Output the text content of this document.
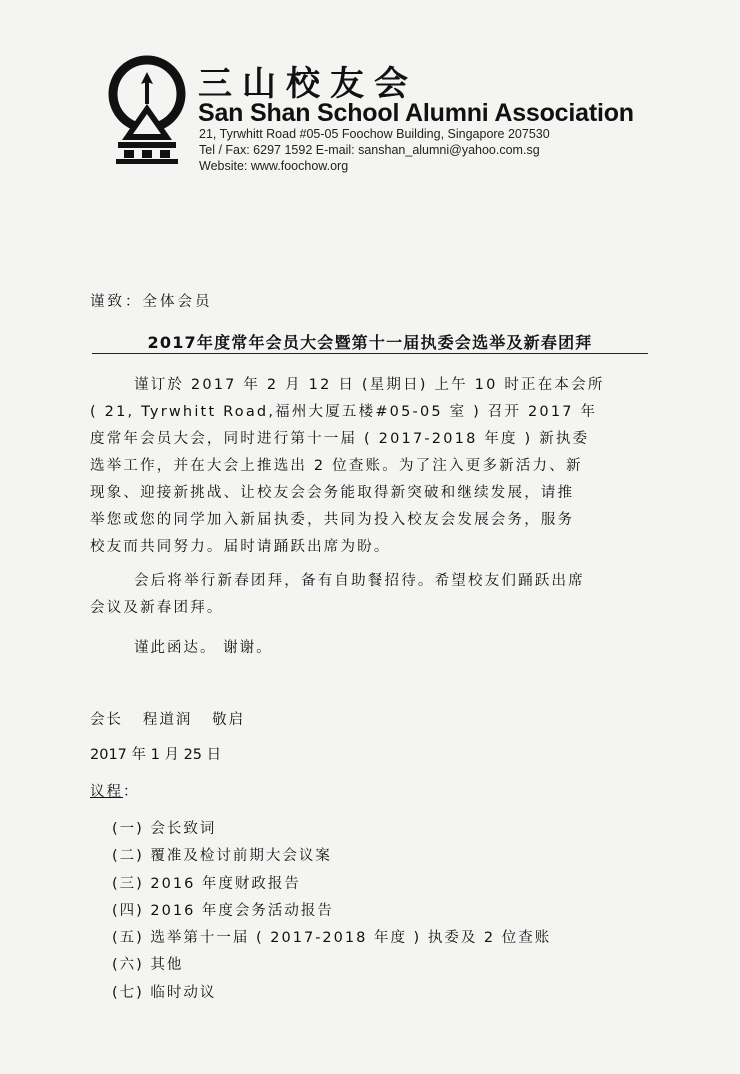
三山校友会
San Shan School Alumni Association
21, Tyrwhitt Road #05-05 Foochow Building, Singapore 207530
Tel / Fax: 6297 1592 E-mail: sanshan_alumni@yahoo.com.sg
Website: www.foochow.org
谨致：全体会员
2017年度常年会员大会暨第十一届执委会选举及新春团拜

谨订於 2017 年 2 月 12 日 (星期日) 上午 10 时正在本会所

( 21, Tyrwhitt Road,福州大厦五楼#05-05 室 ) 召开 2017 年

度常年会员大会，同时进行第十一届 ( 2017-2018 年度 ) 新执委

选举工作，并在大会上推选出 2 位查账。为了注入更多新活力、新

现象、迎接新挑战、让校友会会务能取得新突破和继续发展，请推

举您或您的同学加入新届执委，共同为投入校友会发展会务，服务

校友而共同努力。届时请踊跃出席为盼。

会后将举行新春团拜，备有自助餐招待。希望校友们踊跃出席

会议及新春团拜。

谨此函达。 谢谢。
会长   程道润   敬启
2017 年 1 月 25 日
议程：
(一) 会长致词
(二) 覆准及检讨前期大会议案
(三) 2016 年度财政报告
(四) 2016 年度会务活动报告
(五) 选举第十一届 ( 2017-2018 年度 ) 执委及 2 位查账
(六) 其他
(七) 临时动议
